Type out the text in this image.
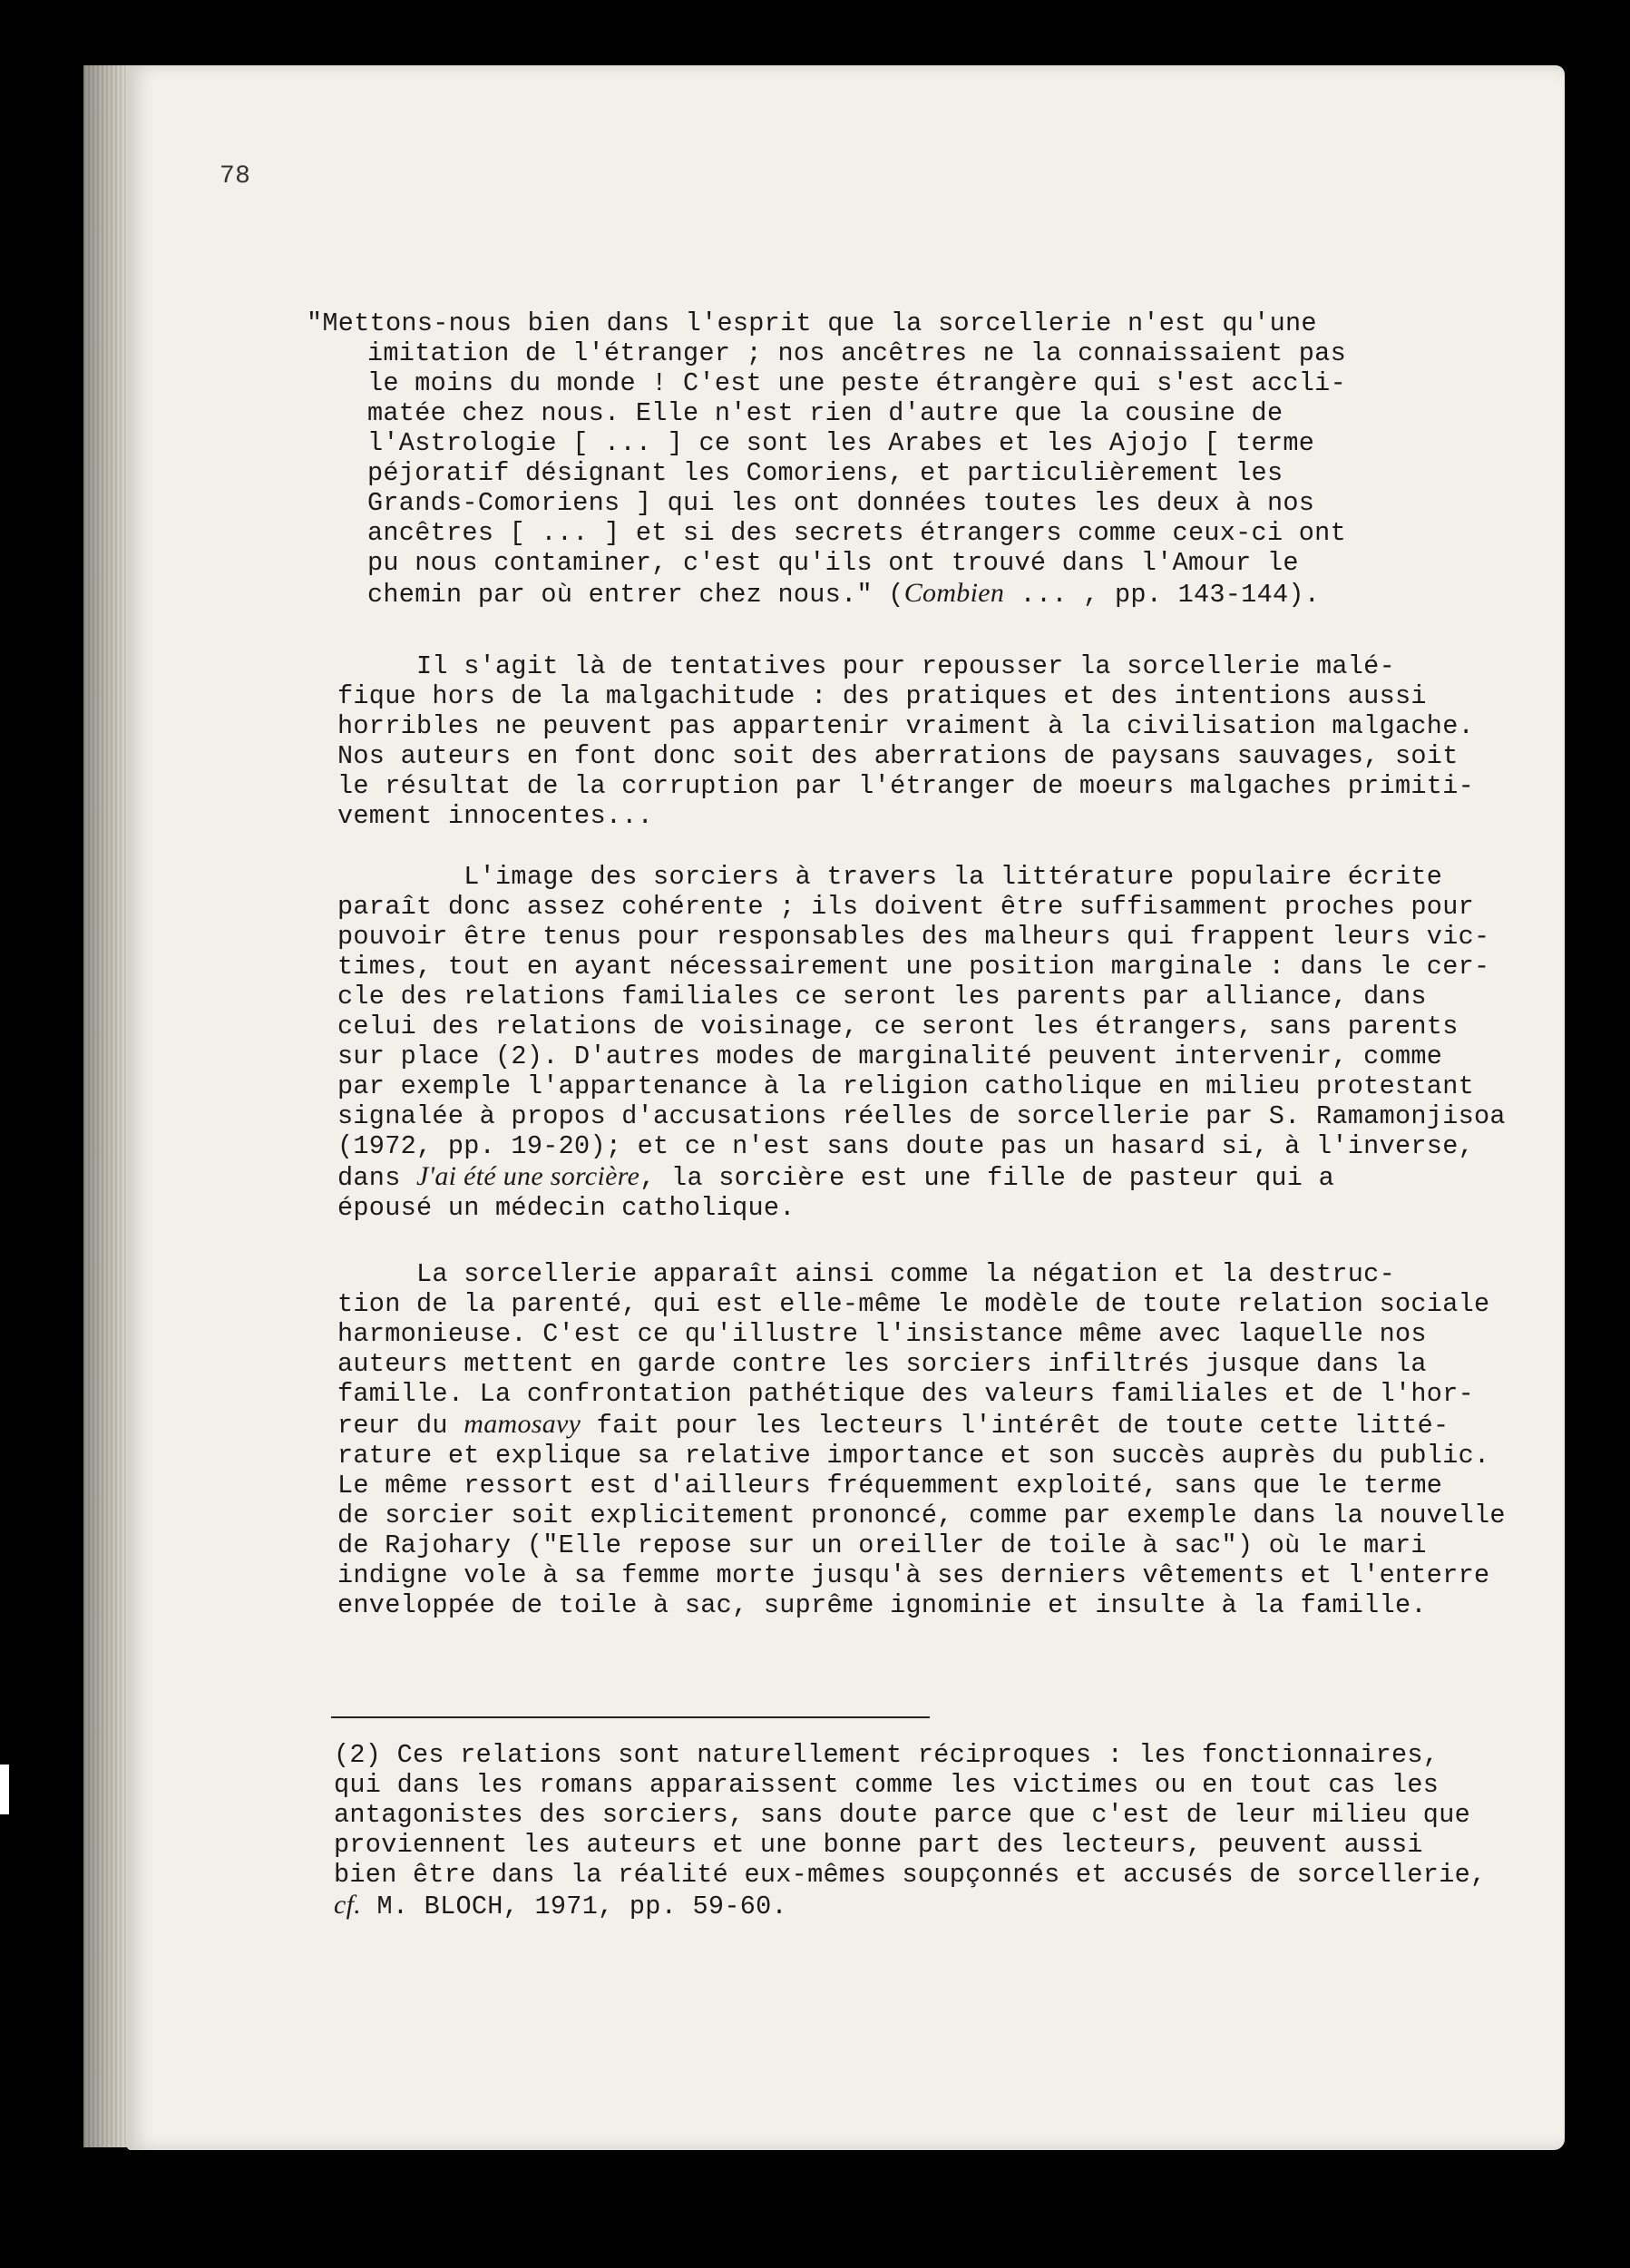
78
"Mettons-nous bien dans l'esprit que la sorcellerie n'est qu'une
imitation de l'étranger ; nos ancêtres ne la connaissaient pas
le moins du monde ! C'est une peste étrangère qui s'est accli-
matée chez nous. Elle n'est rien d'autre que la cousine de
l'Astrologie [ ... ] ce sont les Arabes et les Ajojo [ terme
péjoratif désignant les Comoriens, et particulièrement les
Grands-Comoriens ] qui les ont données toutes les deux à nos
ancêtres [ ... ] et si des secrets étrangers comme ceux-ci ont
pu nous contaminer, c'est qu'ils ont trouvé dans l'Amour le
chemin par où entrer chez nous." (Combien ... , pp. 143-144).
Il s'agit là de tentatives pour repousser la sorcellerie malé-
fique hors de la malgachitude : des pratiques et des intentions aussi
horribles ne peuvent pas appartenir vraiment à la civilisation malgache.
Nos auteurs en font donc soit des aberrations de paysans sauvages, soit
le résultat de la corruption par l'étranger de moeurs malgaches primiti-
vement innocentes...
L'image des sorciers à travers la littérature populaire écrite
paraît donc assez cohérente ; ils doivent être suffisamment proches pour
pouvoir être tenus pour responsables des malheurs qui frappent leurs vic-
times, tout en ayant nécessairement une position marginale : dans le cer-
cle des relations familiales ce seront les parents par alliance, dans
celui des relations de voisinage, ce seront les étrangers, sans parents
sur place (2). D'autres modes de marginalité peuvent intervenir, comme
par exemple l'appartenance à la religion catholique en milieu protestant
signalée à propos d'accusations réelles de sorcellerie par S. Ramamonjisoa
(1972, pp. 19-20); et ce n'est sans doute pas un hasard si, à l'inverse,
dans J'ai été une sorcière, la sorcière est une fille de pasteur qui a
épousé un médecin catholique.
La sorcellerie apparaît ainsi comme la négation et la destruc-
tion de la parenté, qui est elle-même le modèle de toute relation sociale
harmonieuse. C'est ce qu'illustre l'insistance même avec laquelle nos
auteurs mettent en garde contre les sorciers infiltrés jusque dans la
famille. La confrontation pathétique des valeurs familiales et de l'hor-
reur du mamosavy fait pour les lecteurs l'intérêt de toute cette litté-
rature et explique sa relative importance et son succès auprès du public.
Le même ressort est d'ailleurs fréquemment exploité, sans que le terme
de sorcier soit explicitement prononcé, comme par exemple dans la nouvelle
de Rajohary ("Elle repose sur un oreiller de toile à sac") où le mari
indigne vole à sa femme morte jusqu'à ses derniers vêtements et l'enterre
enveloppée de toile à sac, suprême ignominie et insulte à la famille.
(2) Ces relations sont naturellement réciproques : les fonctionnaires,
qui dans les romans apparaissent comme les victimes ou en tout cas les
antagonistes des sorciers, sans doute parce que c'est de leur milieu que
proviennent les auteurs et une bonne part des lecteurs, peuvent aussi
bien être dans la réalité eux-mêmes soupçonnés et accusés de sorcellerie,
cf. M. BLOCH, 1971, pp. 59-60.
